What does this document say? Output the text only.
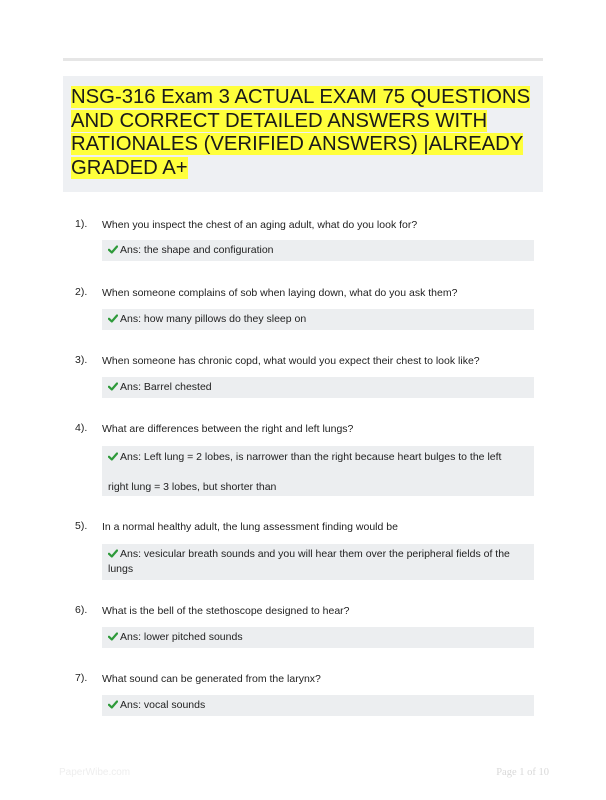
NSG-316 Exam 3 ACTUAL EXAM 75 QUESTIONS AND CORRECT DETAILED ANSWERS WITH RATIONALES (VERIFIED ANSWERS) |ALREADY GRADED A+
1). When you inspect the chest of an aging adult, what do you look for?
Ans: the shape and configuration
2). When someone complains of sob when laying down, what do you ask them?
Ans: how many pillows do they sleep on
3). When someone has chronic copd, what would you expect their chest to look like?
Ans: Barrel chested
4). What are differences between the right and left lungs?
Ans: Left lung = 2 lobes, is narrower than the right because heart bulges to the left
right lung = 3 lobes, but shorter than
5). In a normal healthy adult, the lung assessment finding would be
Ans: vesicular breath sounds and you will hear them over the peripheral fields of the
lungs
6). What is the bell of the stethoscope designed to hear?
Ans: lower pitched sounds
7). What sound can be generated from the larynx?
Ans: vocal sounds
PaperWibe.com	Page 1 of 10
